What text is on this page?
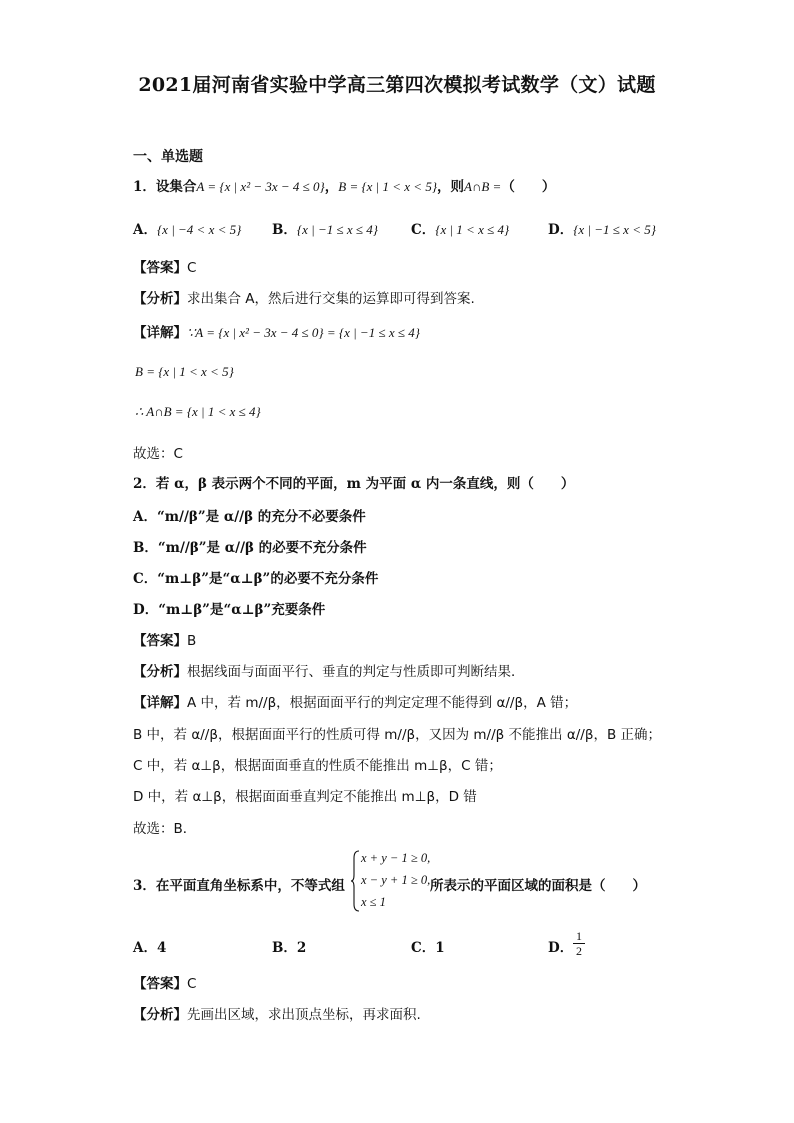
2021届河南省实验中学高三第四次模拟考试数学（文）试题
一、单选题
1．设集合A = {x | x² − 3x − 4 ≤ 0}，B = {x | 1 < x < 5}，则A∩B =（　　）
A．{x | −4 < x < 5} B．{x | −1 ≤ x ≤ 4} C．{x | 1 < x ≤ 4}	D．{x | −1 ≤ x < 5}
【答案】C
【分析】求出集合 A，然后进行交集的运算即可得到答案.
【详解】∵A = {x | x² − 3x − 4 ≤ 0} = {x | −1 ≤ x ≤ 4}
B = {x | 1 < x < 5}
∴ A∩B = {x | 1 < x ≤ 4}
故选：C
2．若 α，β 表示两个不同的平面，m 为平面 α 内一条直线，则（　　）
A．“m//β”是 α//β 的充分不必要条件
B．“m//β”是 α//β 的必要不充分条件
C．“m⊥β”是“α⊥β”的必要不充分条件
D．“m⊥β”是“α⊥β”充要条件
【答案】B
【分析】根据线面与面面平行、垂直的判定与性质即可判断结果．
【详解】A 中，若 m//β，根据面面平行的判定定理不能得到 α//β，A 错；
B 中，若 α//β，根据面面平行的性质可得 m//β，又因为 m//β 不能推出 α//β，B 正确；
C 中，若 α⊥β，根据面面垂直的性质不能推出 m⊥β，C 错；
D 中，若 α⊥β，根据面面垂直判定不能推出 m⊥β，D 错
故选：B．
3．在平面直角坐标系中，不等式组
x + y − 1 ≥ 0,
x − y + 1 ≥ 0,
x ≤ 1
所表示的平面区域的面积是（　　）
A．4	B．2	C．1	D．
1
2
【答案】C
【分析】先画出区域，求出顶点坐标，再求面积.
